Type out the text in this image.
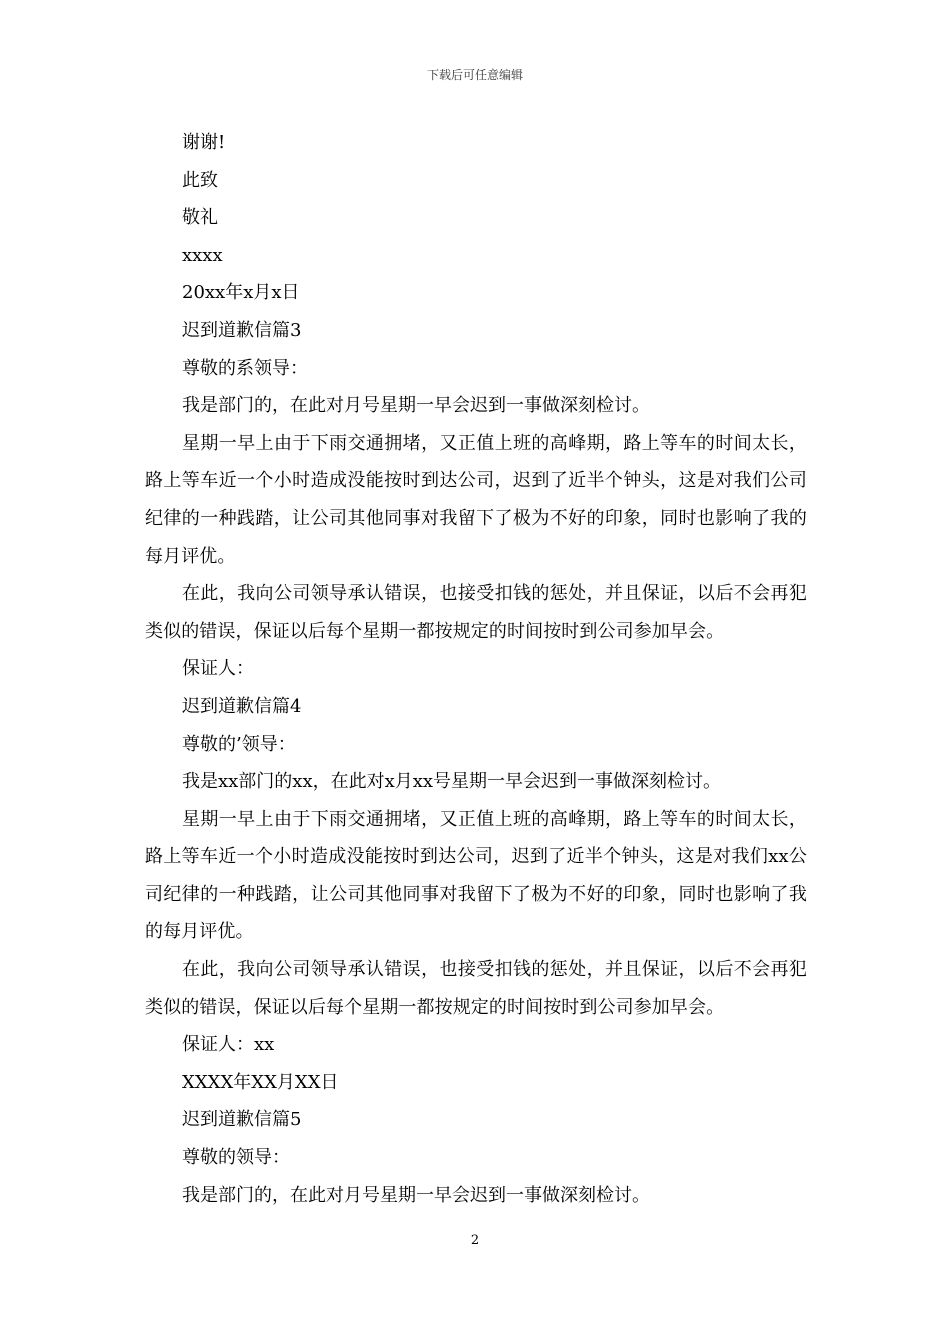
下载后可任意编辑

谢谢!

此致

敬礼

xxxx

20xx年x月x日

迟到道歉信篇3

尊敬的系领导：

我是部门的，在此对月号星期一早会迟到一事做深刻检讨。

星期一早上由于下雨交通拥堵，又正值上班的高峰期，路上等车的时间太长，路上等车近一个小时造成没能按时到达公司，迟到了近半个钟头，这是对我们公司纪律的一种践踏，让公司其他同事对我留下了极为不好的印象，同时也影响了我的每月评优。

在此，我向公司领导承认错误，也接受扣钱的惩处，并且保证，以后不会再犯类似的错误，保证以后每个星期一都按规定的时间按时到公司参加早会。

保证人：

迟到道歉信篇4

尊敬的’领导：

我是xx部门的xx，在此对x月xx号星期一早会迟到一事做深刻检讨。

星期一早上由于下雨交通拥堵，又正值上班的高峰期，路上等车的时间太长，路上等车近一个小时造成没能按时到达公司，迟到了近半个钟头，这是对我们xx公司纪律的一种践踏，让公司其他同事对我留下了极为不好的印象，同时也影响了我的每月评优。

在此，我向公司领导承认错误，也接受扣钱的惩处，并且保证，以后不会再犯类似的错误，保证以后每个星期一都按规定的时间按时到公司参加早会。

保证人：xx

XXXX年XX月XX日

迟到道歉信篇5

尊敬的领导：

我是部门的，在此对月号星期一早会迟到一事做深刻检讨。

2
